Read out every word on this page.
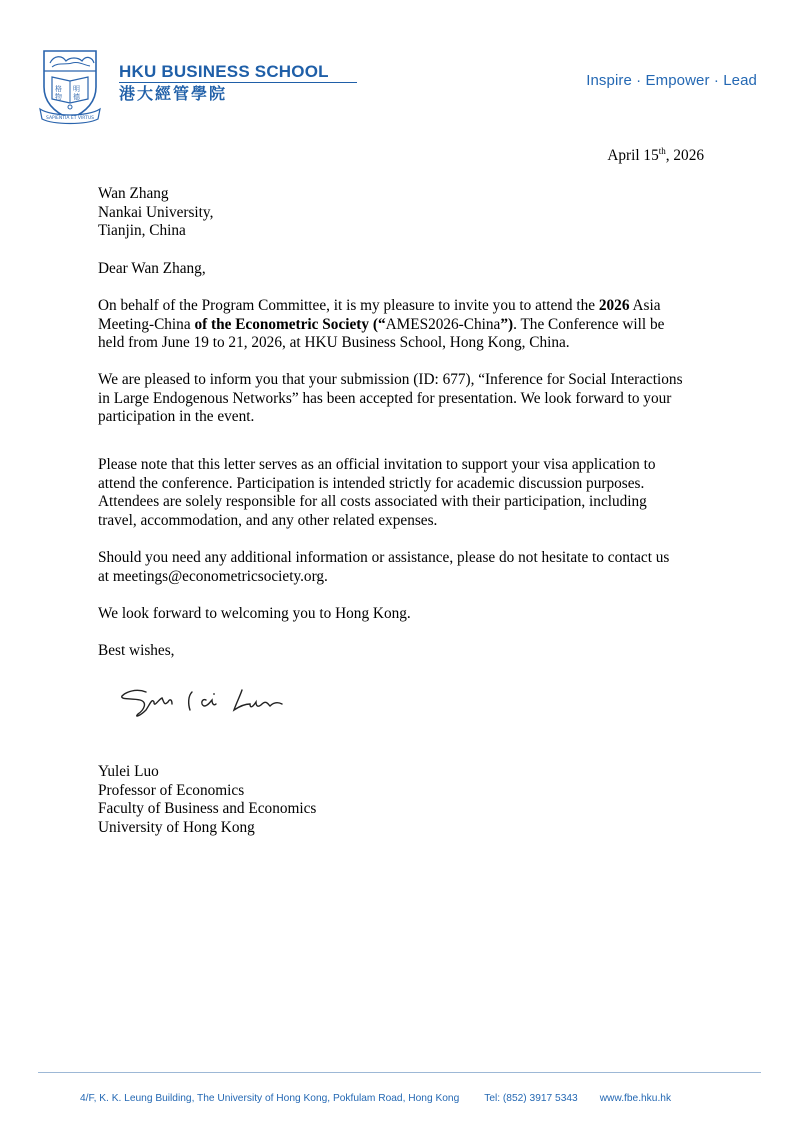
格 明
物 德
SAPIENTIA ET VIRTUS
HKU BUSINESS SCHOOL
港大經管學院
Inspire · Empower · Lead
April 15th, 2026
Wan Zhang
Nankai University,
Tianjin, China
Dear Wan Zhang,
On behalf of the Program Committee, it is my pleasure to invite you to attend the 2026 Asia
Meeting-China of the Econometric Society (“AMES2026-China”). The Conference will be
held from June 19 to 21, 2026, at HKU Business School, Hong Kong, China.
We are pleased to inform you that your submission (ID: 677), “Inference for Social Interactions
in Large Endogenous Networks” has been accepted for presentation. We look forward to your
participation in the event.
Please note that this letter serves as an official invitation to support your visa application to
attend the conference. Participation is intended strictly for academic discussion purposes.
Attendees are solely responsible for all costs associated with their participation, including
travel, accommodation, and any other related expenses.
Should you need any additional information or assistance, please do not hesitate to contact us
at meetings@econometricsociety.org.
We look forward to welcoming you to Hong Kong.
Best wishes,
Yulei Luo
Professor of Economics
Faculty of Business and Economics
University of Hong Kong
4/F, K. K. Leung Building, The University of Hong Kong, Pokfulam Road, Hong Kong Tel: (852) 3917 5343 www.fbe.hku.hk
